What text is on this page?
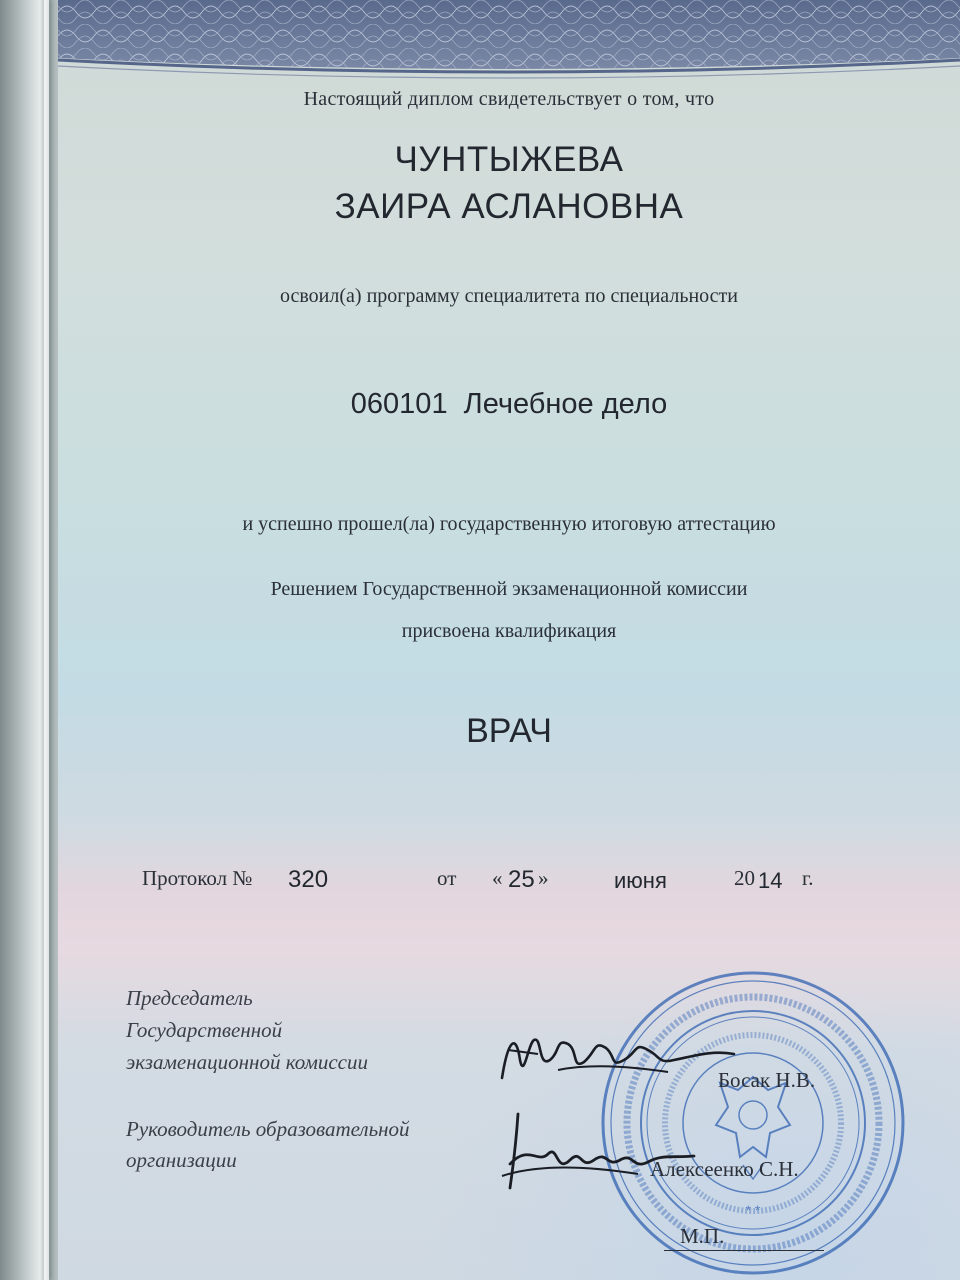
Настоящий диплом свидетельствует о том, что
ЧУНТЫЖЕВА
ЗАИРА АСЛАНОВНА
освоил(а) программу специалитета по специальности
060101  Лечебное дело
и успешно прошел(ла) государственную итоговую аттестацию
Решением Государственной экзаменационной комиссии
присвоена квалификация
ВРАЧ
Протокол № 320	от « 25 »	июня	20 14 г.
Председатель
Государственной
экзаменационной комиссии
Руководитель образовательной
организации
* *
Босак Н.В.
Алексеенко С.Н.
М.П.
